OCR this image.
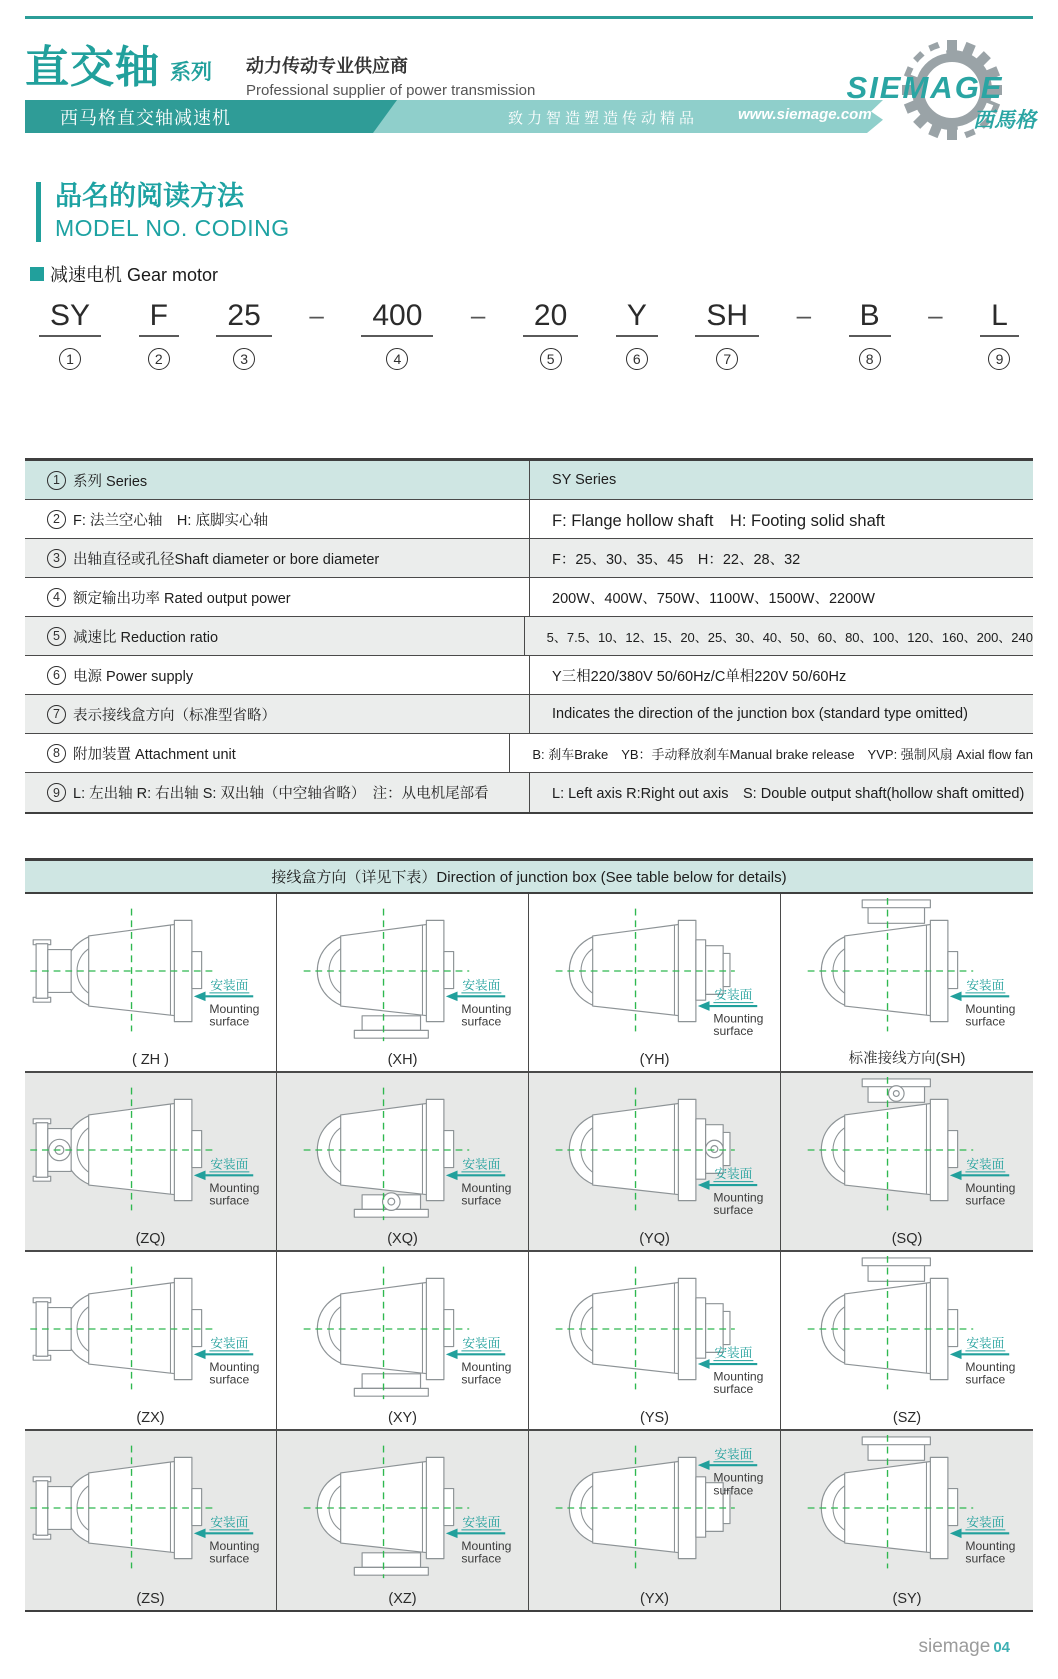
直交轴 系列 动力传动专业供应商
Professional supplier of power transmission
西马格直交轴减速机	致力智造塑造传动精品	www.siemage.com
SIEMAGE
西馬格
品名的阅读方法
MODEL NO. CODING
减速电机 Gear motor
SY
1
F
2
25
3
–	400
4
–	20
5
Y
6
SH
7
–	B
8
–	L
9
1 系列 Series	SY Series
2 F: 法兰空心轴　H: 底脚实心轴	F: Flange hollow shaft　H: Footing solid shaft
3 出轴直径或孔径Shaft diameter or bore diameter	F：25、30、35、45　H：22、28、32
4 额定输出功率 Rated output power	200W、400W、750W、1100W、1500W、2200W
5 减速比 Reduction ratio	5、7.5、10、12、15、20、25、30、40、50、60、80、100、120、160、200、240
6 电源 Power supply	Y三相220/380V 50/60Hz/C单相220V 50/60Hz
7 表示接线盒方向（标准型省略）	Indicates the direction of the junction box (standard type omitted)
8 附加装置 Attachment unit	B: 刹车Brake　YB：手动释放刹车Manual brake release　YVP: 强制风扇 Axial flow fan
9 L: 左出轴 R: 右出轴 S: 双出轴（中空轴省略）　注：从电机尾部看	L: Left axis R:Right out axis　S: Double output shaft(hollow shaft omitted)
接线盒方向（详见下表）Direction of junction box (See table below for details)
安装面
Mounting
surface
( ZH )
安装面
Mounting
surface
(XH)
安装面
Mounting
surface
(YH)
安装面
Mounting
surface
标准接线方向(SH)
安装面
Mounting
surface
(ZQ)
安装面
Mounting
surface
(XQ)
安装面
Mounting
surface
(YQ)
安装面
Mounting
surface
(SQ)
安装面
Mounting
surface
(ZX)
安装面
Mounting
surface
(XY)
安装面
Mounting
surface
(YS)
安装面
Mounting
surface
(SZ)
安装面
Mounting
surface
(ZS)
安装面
Mounting
surface
(XZ)
安装面
Mounting
surface
(YX)
安装面
Mounting
surface
(SY)
siemage 04
